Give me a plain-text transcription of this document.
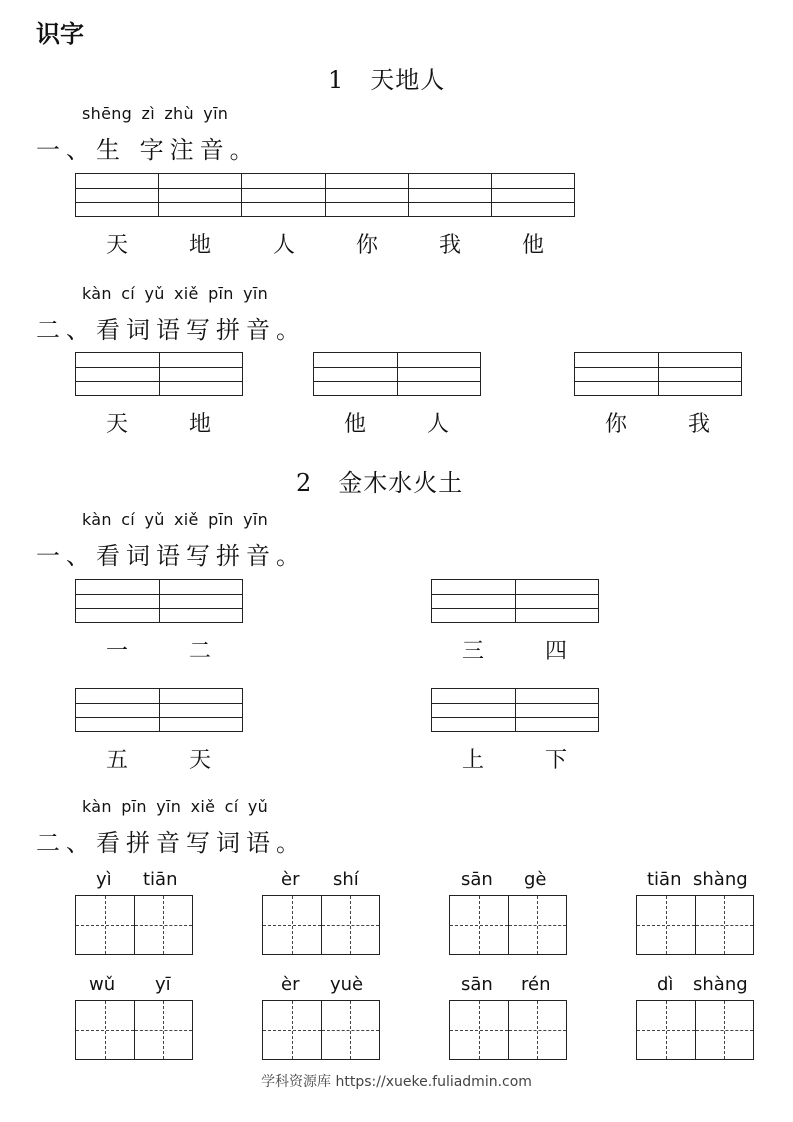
识字
1 天地人
shēng zì zhù yīn
一、生 字注音。
天	地	人	你	我	他
kàn cí yǔ xiě pīn yīn
二、看词语写拼音。
天	地	他	人	你	我
2 金木水火土
kàn cí yǔ xiě pīn yīn
一、看词语写拼音。
一	二	三	四
五	天	上	下
kàn pīn yīn xiě cí yǔ
二、看拼音写词语。
yì tiān	èr shí	sān gè	tiān shàng
wǔ yī	èr yuè	sān rén	dì shàng
学科资源库 https://xueke.fuliadmin.com
